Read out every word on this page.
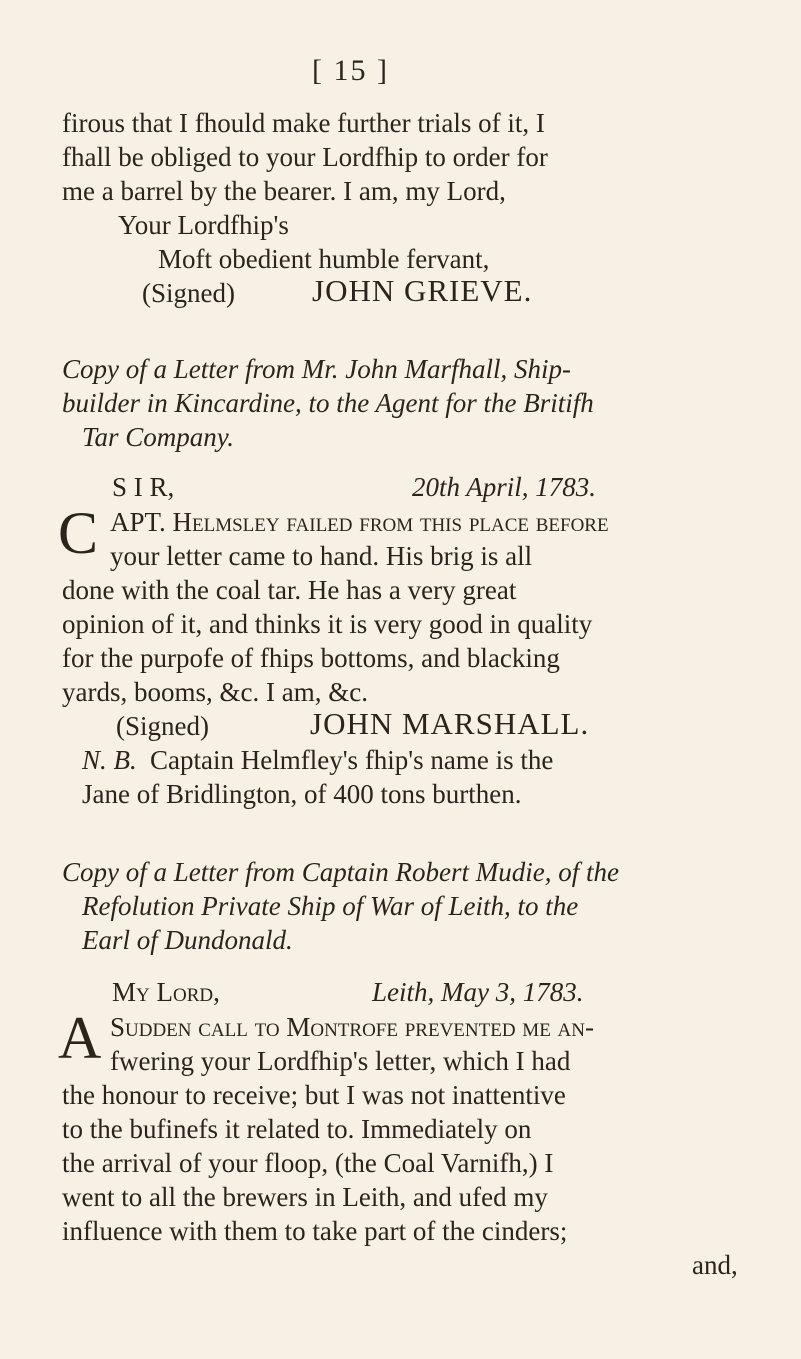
[ 15 ]
firous that I fhould make further trials of it, I
fhall be obliged to your Lordfhip to order for
me a barrel by the bearer. I am, my Lord,
Your Lordfhip's
Moft obedient humble fervant,
(Signed) JOHN GRIEVE.
Copy of a Letter from Mr. John Marfhall, Ship-
builder in Kincardine, to the Agent for the Britifh
Tar Company.
S I R,	20th April, 1783.
C APT. Helmsley failed from this place before
your letter came to hand. His brig is all
done with the coal tar. He has a very great
opinion of it, and thinks it is very good in quality
for the purpofe of fhips bottoms, and blacking
yards, booms, &c. I am, &c.
(Signed)	JOHN MARSHALL.
N. B. Captain Helmfley's fhip's name is the
Jane of Bridlington, of 400 tons burthen.
Copy of a Letter from Captain Robert Mudie, of the
Refolution Private Ship of War of Leith, to the
Earl of Dundonald.
My Lord,	Leith, May 3, 1783.
A Sudden call to Montrofe prevented me an-
fwering your Lordfhip's letter, which I had
the honour to receive; but I was not inattentive
to the bufinefs it related to. Immediately on
the arrival of your floop, (the Coal Varnifh,) I
went to all the brewers in Leith, and ufed my
influence with them to take part of the cinders;
and,
